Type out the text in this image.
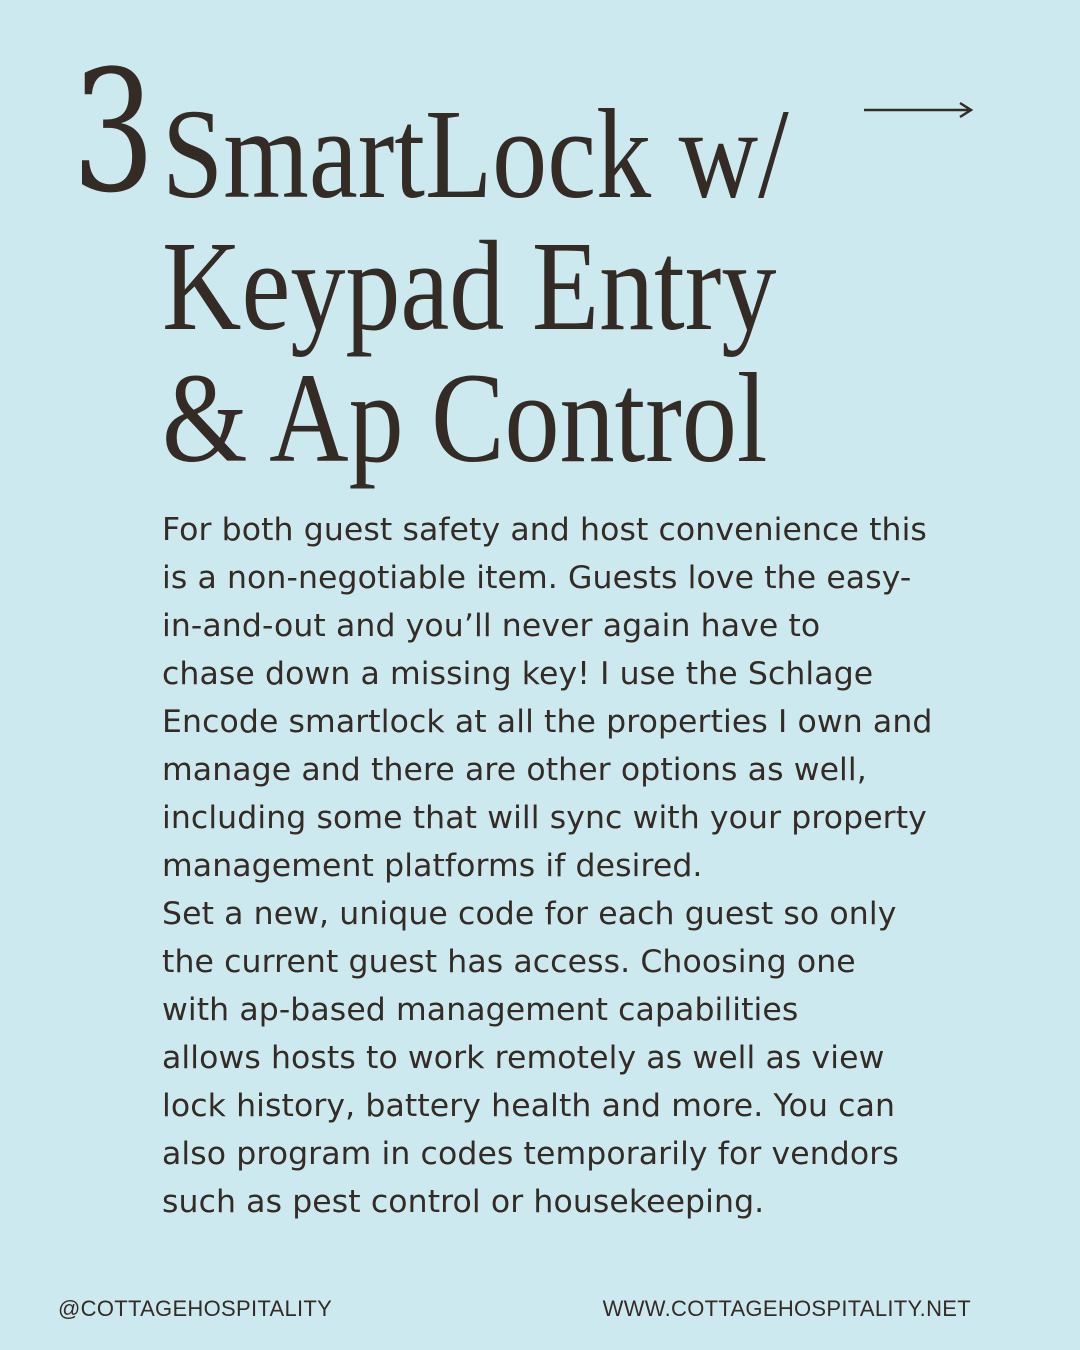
3 SmartLock w/
Keypad Entry
& Ap Control
For both guest safety and host convenience this
is a non-negotiable item. Guests love the easy-
in-and-out and you’ll never again have to
chase down a missing key! I use the Schlage
Encode smartlock at all the properties I own and
manage and there are other options as well,
including some that will sync with your property
management platforms if desired.
Set a new, unique code for each guest so only
the current guest has access. Choosing one
with ap-based management capabilities
allows hosts to work remotely as well as view
lock history, battery health and more. You can
also program in codes temporarily for vendors
such as pest control or housekeeping.

@COTTAGEHOSPITALITY	WWW.COTTAGEHOSPITALITY.NET
